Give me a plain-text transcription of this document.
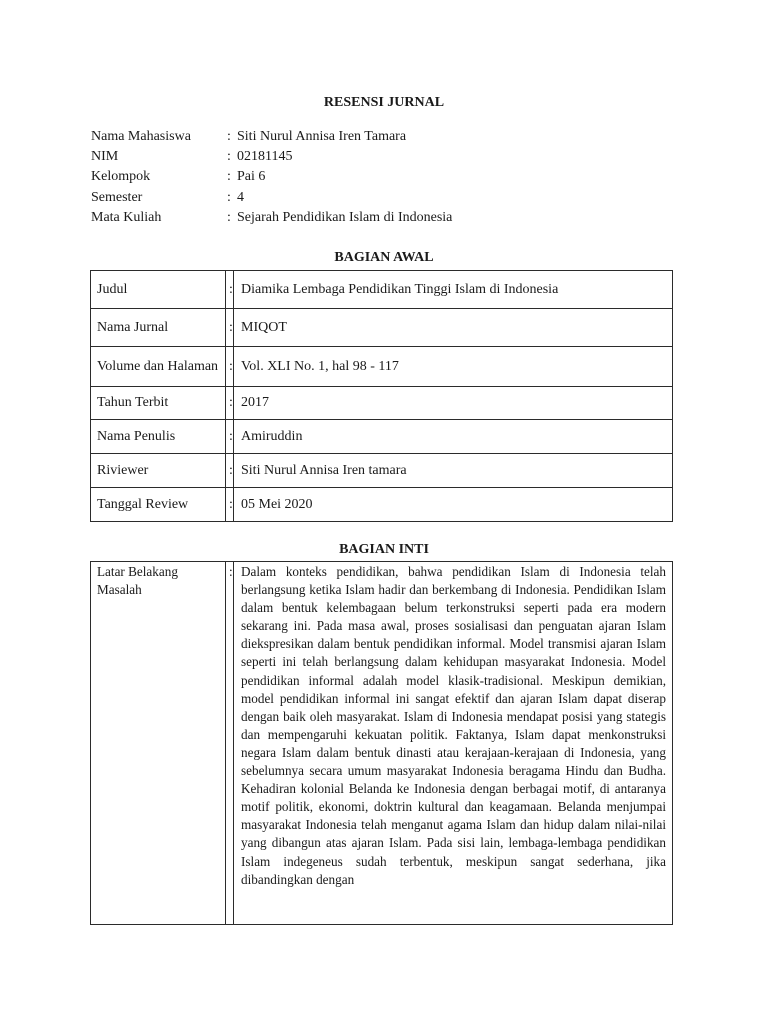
RESENSI JURNAL
Nama Mahasiswa	: Siti Nurul Annisa Iren Tamara
NIM	: 02181145
Kelompok	: Pai 6
Semester	: 4
Mata Kuliah	: Sejarah Pendidikan Islam di Indonesia
BAGIAN AWAL
Judul	:	Diamika Lembaga Pendidikan Tinggi Islam di Indonesia
Nama Jurnal	:	MIQOT
Volume dan Halaman	:	Vol. XLI No. 1, hal 98 - 117
Tahun Terbit	:	2017
Nama Penulis	:	Amiruddin
Riviewer	:	Siti Nurul Annisa Iren tamara
Tanggal Review	:	05 Mei 2020
BAGIAN INTI
Latar Belakang Masalah	:	Dalam konteks pendidikan, bahwa pendidikan Islam di Indonesia telah berlangsung ketika Islam hadir dan berkembang di Indonesia. Pendidikan Islam dalam bentuk kelembagaan belum terkonstruksi seperti pada era modern sekarang ini. Pada masa awal, proses sosialisasi dan penguatan ajaran Islam diekspresikan dalam bentuk pendidikan informal. Model transmisi ajaran Islam seperti ini telah berlangsung dalam kehidupan masyarakat Indonesia. Model pendidikan informal adalah model klasik-tradisional. Meskipun demikian, model pendidikan informal ini sangat efektif dan ajaran Islam dapat diserap dengan baik oleh masyarakat. Islam di Indonesia mendapat posisi yang stategis dan mempengaruhi kekuatan politik. Faktanya, Islam dapat menkonstruksi negara Islam dalam bentuk dinasti atau kerajaan-kerajaan di Indonesia, yang sebelumnya secara umum masyarakat Indonesia beragama Hindu dan Budha. Kehadiran kolonial Belanda ke Indonesia dengan berbagai motif, di antaranya motif politik, ekonomi, doktrin kultural dan keagamaan. Belanda menjumpai masyarakat Indonesia telah menganut agama Islam dan hidup dalam nilai-nilai yang dibangun atas ajaran Islam. Pada sisi lain, lembaga-lembaga pendidikan Islam indegeneus sudah terbentuk, meskipun sangat sederhana, jika dibandingkan dengan
